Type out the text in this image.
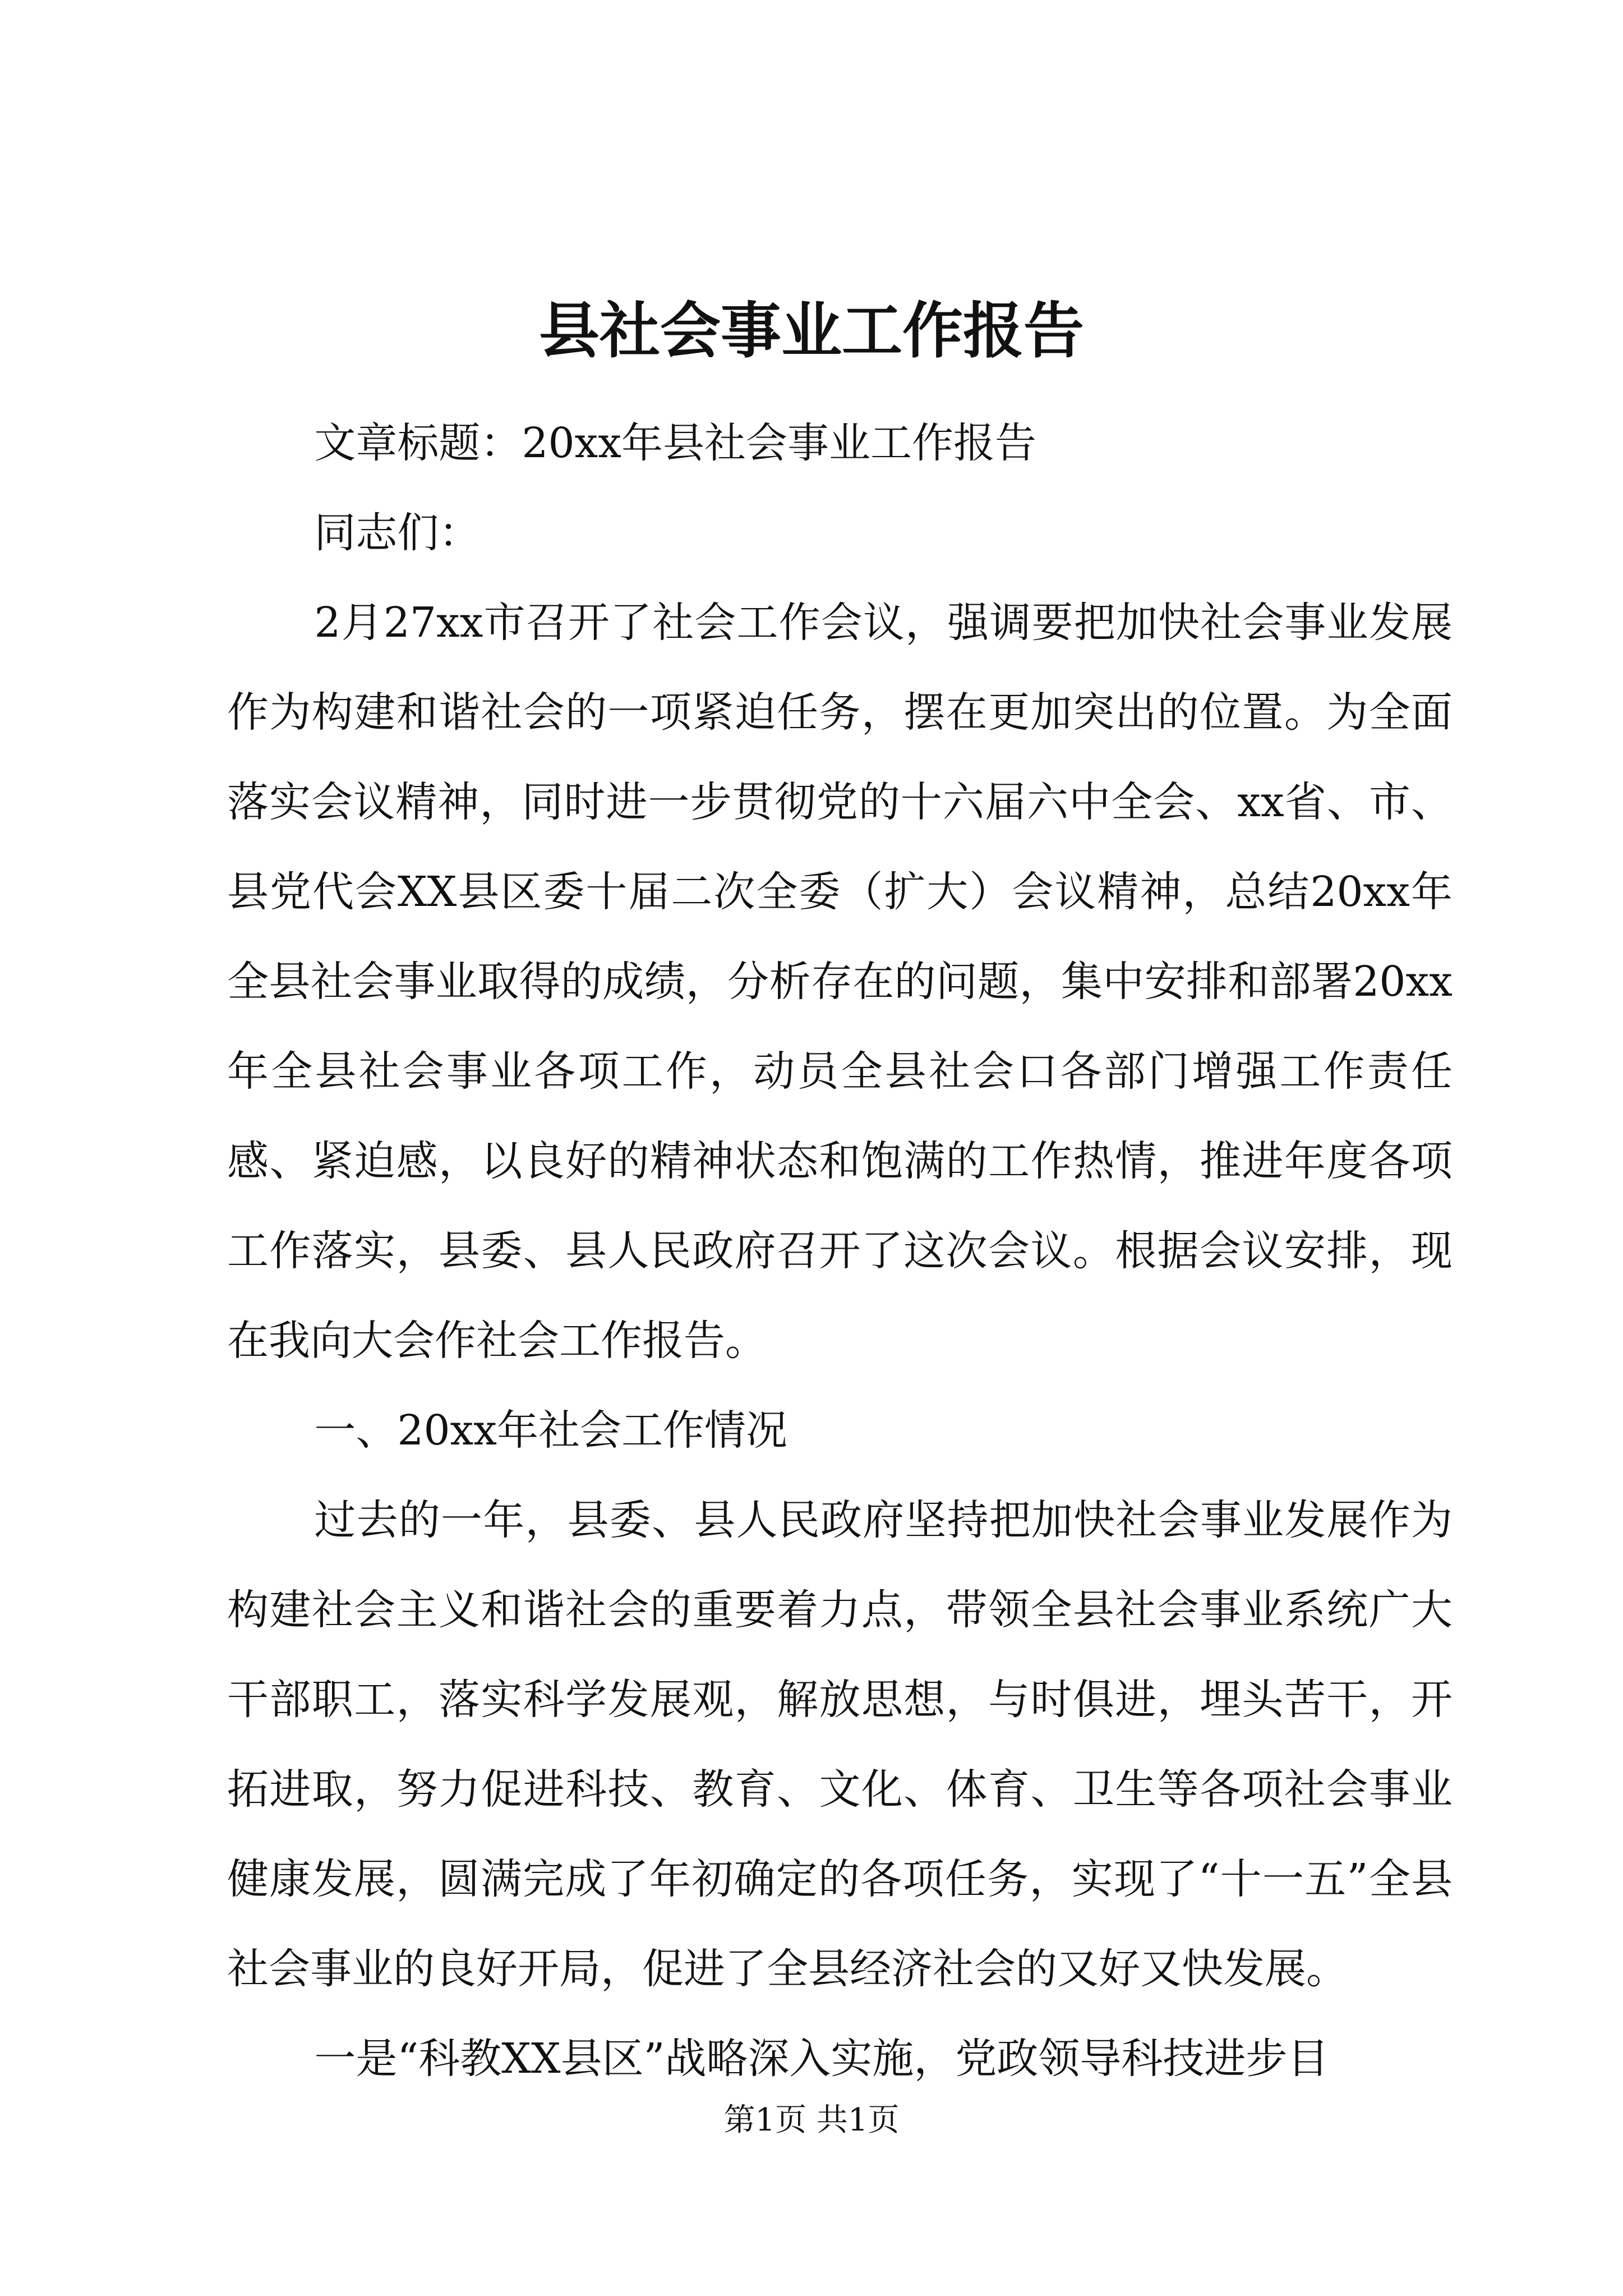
县社会事业工作报告

文章标题：20xx年县社会事业工作报告

同志们：

2月27xx市召开了社会工作会议，强调要把加快社会事业发展作为构建和谐社会的一项紧迫任务，摆在更加突出的位置。为全面落实会议精神，同时进一步贯彻党的十六届六中全会、xx省、市、县党代会XX县区委十届二次全委（扩大）会议精神，总结20xx年全县社会事业取得的成绩，分析存在的问题，集中安排和部署20xx年全县社会事业各项工作，动员全县社会口各部门增强工作责任感、紧迫感，以良好的精神状态和饱满的工作热情，推进年度各项工作落实，县委、县人民政府召开了这次会议。根据会议安排，现在我向大会作社会工作报告。

一、20xx年社会工作情况

过去的一年，县委、县人民政府坚持把加快社会事业发展作为构建社会主义和谐社会的重要着力点，带领全县社会事业系统广大干部职工，落实科学发展观，解放思想，与时俱进，埋头苦干，开拓进取，努力促进科技、教育、文化、体育、卫生等各项社会事业健康发展，圆满完成了年初确定的各项任务，实现了“十一五”全县社会事业的良好开局，促进了全县经济社会的又好又快发展。

一是“科教XX县区”战略深入实施，党政领导科技进步目

第1页 共1页
